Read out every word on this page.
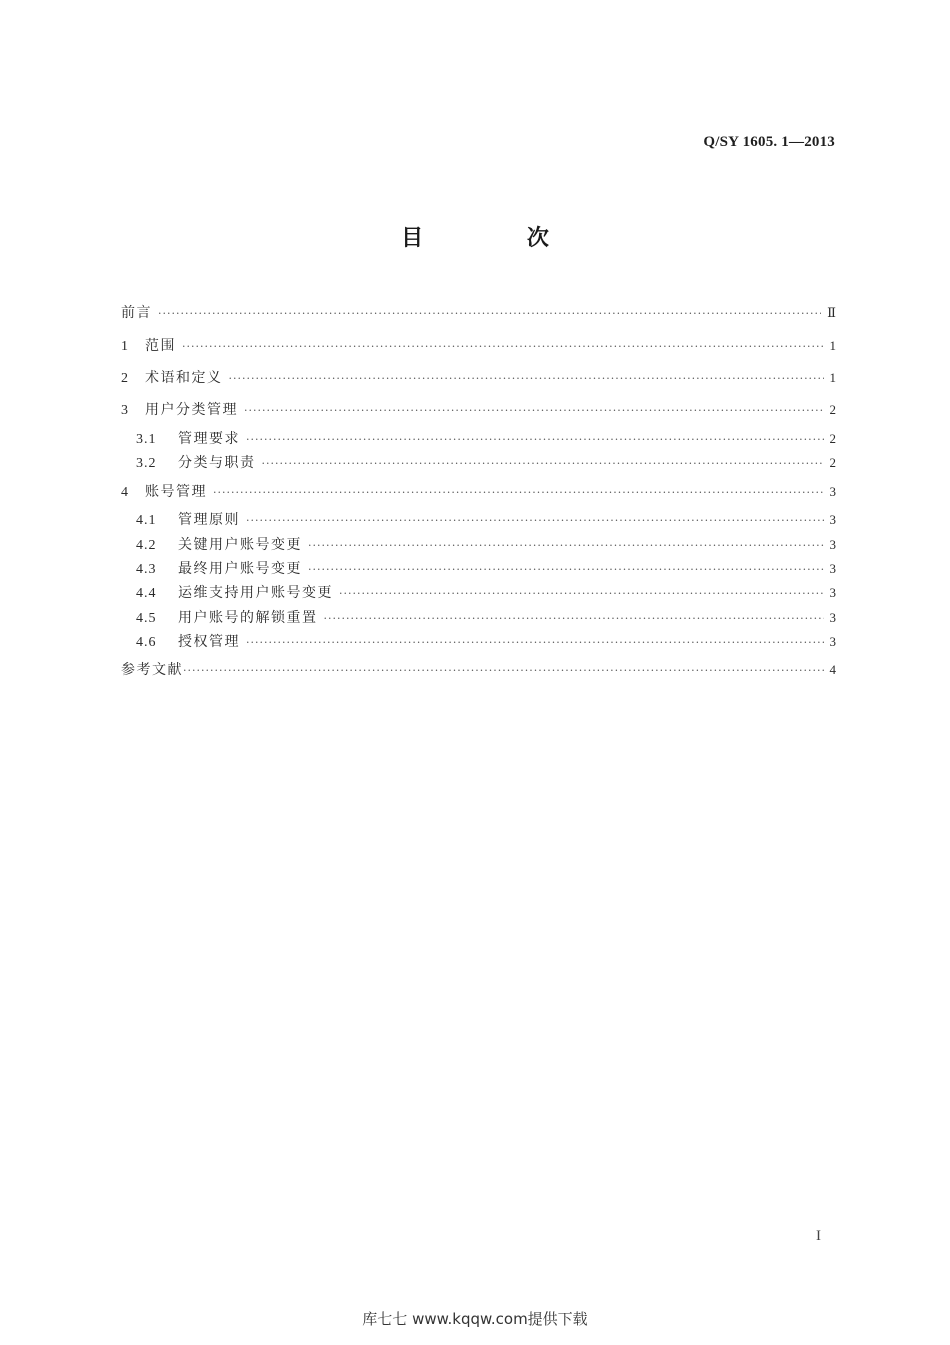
Q/SY 1605. 1—2013
目 次
前言 ·····	Ⅱ
1	范围 ·····	1
2	术语和定义 ·····	1
3	用户分类管理 ·····	2
3.1	管理要求 ·····	2
3.2	分类与职责 ·····	2
4	账号管理 ·····	3
4.1	管理原则 ·····	3
4.2	关键用户账号变更 ·····	3
4.3	最终用户账号变更 ·····	3
4.4	运维支持用户账号变更 ·····	3
4.5	用户账号的解锁重置 ·····	3
4.6	授权管理 ·····	3
参考文献 ·····	4
I
库七七 www.kqqw.com提供下载
